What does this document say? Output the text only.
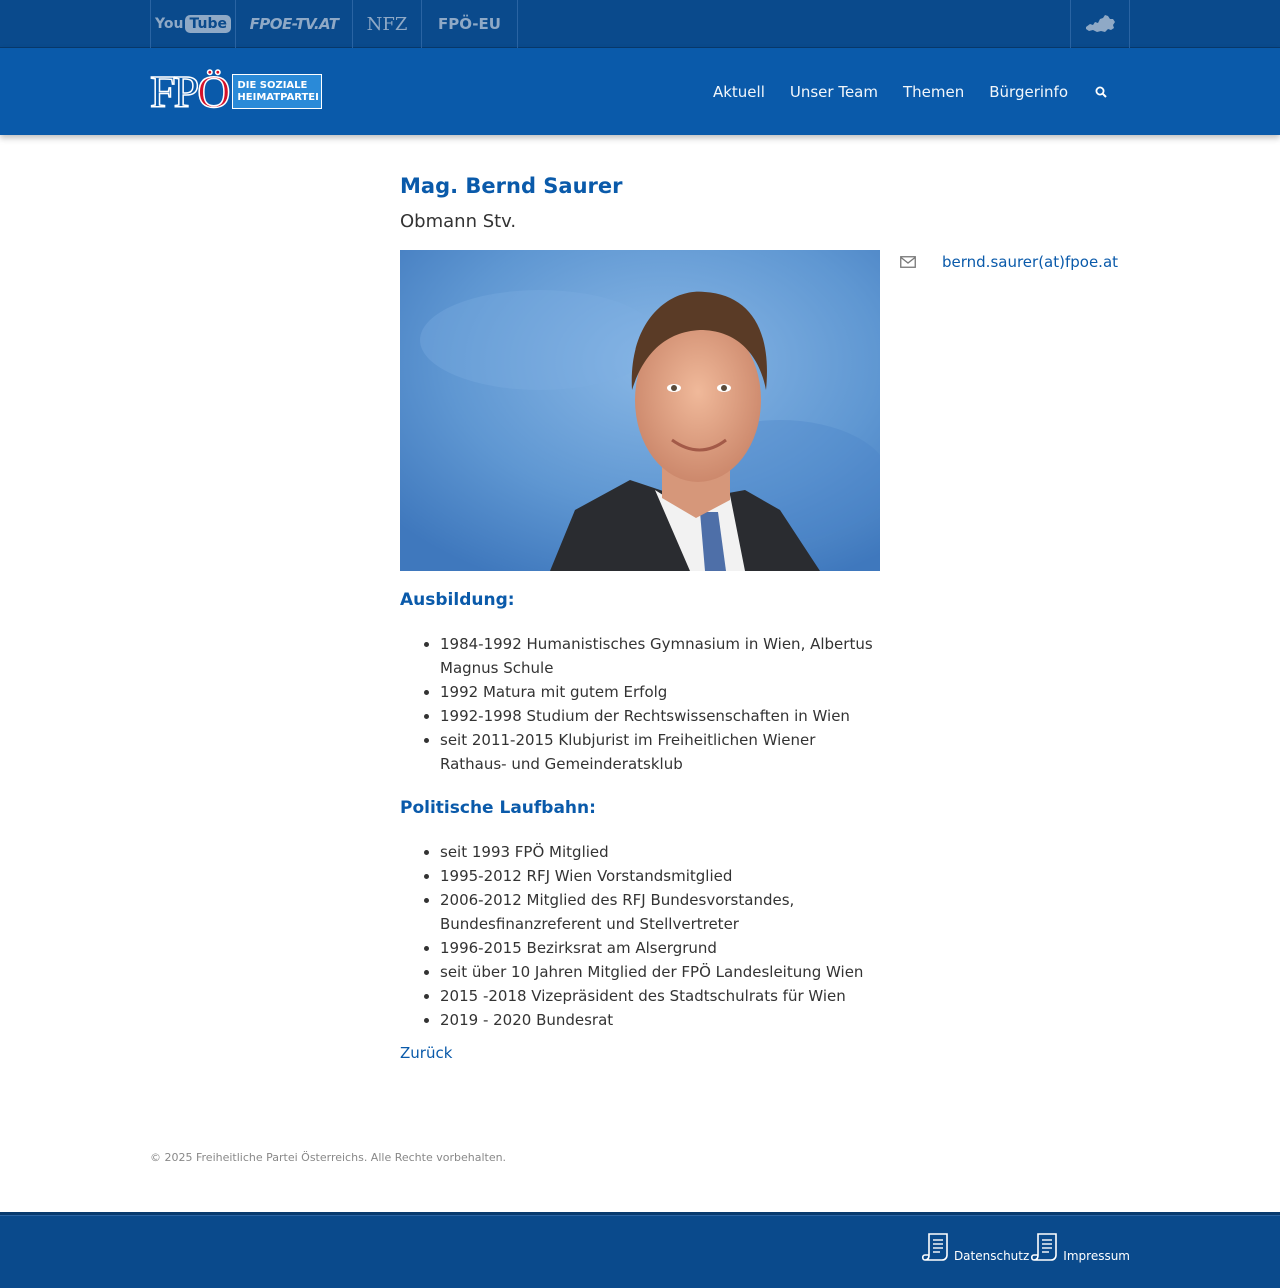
You Tube	FPOE-TV.AT	NFZ	FPÖ-EU
F P Ö DIE SOZIALE
HEIMATPARTEI	Aktuell Unser Team Themen Bürgerinfo
Mag. Bernd Saurer
Obmann Stv.
bernd.saurer(at)fpoe.at
Ausbildung:
• 1984-1992 Humanistisches Gymnasium in Wien, Albertus Magnus Schule
• 1992 Matura mit gutem Erfolg
• 1992-1998 Studium der Rechtswissenschaften in Wien
• seit 2011-2015 Klubjurist im Freiheitlichen Wiener Rathaus- und Gemeinderatsklub
Politische Laufbahn:
• seit 1993 FPÖ Mitglied
• 1995-2012 RFJ Wien Vorstandsmitglied
• 2006-2012 Mitglied des RFJ Bundesvorstandes, Bundesfinanzreferent und Stellvertreter
• 1996-2015 Bezirksrat am Alsergrund
• seit über 10 Jahren Mitglied der FPÖ Landesleitung Wien
• 2015 -2018 Vizepräsident des Stadtschulrats für Wien
• 2019 - 2020 Bundesrat
Zurück
© 2025 Freiheitliche Partei Österreichs. Alle Rechte vorbehalten.
Datenschutz	Impressum
